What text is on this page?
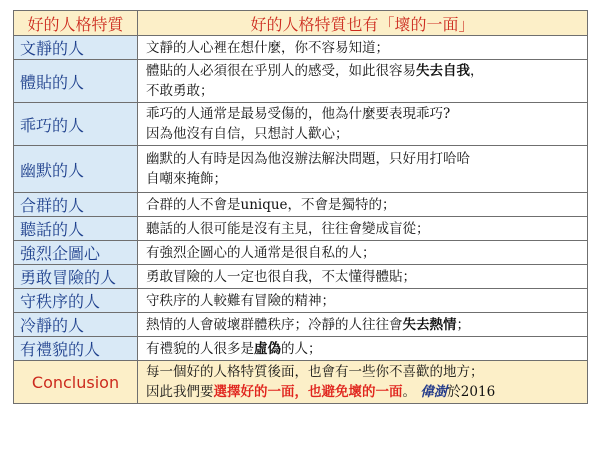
好的人格特質	好的人格特質也有「壞的一面」
文靜的人	文靜的人心裡在想什麼，你不容易知道；

體貼的人	體貼的人必須很在乎別人的感受，如此很容易失去自我，
不敢勇敢；

乖巧的人	乖巧的人通常是最易受傷的，他為什麼要表現乖巧?
因為他沒有自信，只想討人歡心；

幽默的人	幽默的人有時是因為他沒辦法解決問題，只好用打哈哈
自嘲來掩飾；

合群的人	合群的人不會是unique，不會是獨特的；

聽話的人	聽話的人很可能是沒有主見，往往會變成盲從；

強烈企圖心	有強烈企圖心的人通常是很自私的人；

勇敢冒險的人	勇敢冒險的人一定也很自我，不太懂得體貼；

守秩序的人	守秩序的人較難有冒險的精神；

冷靜的人	熱情的人會破壞群體秩序；冷靜的人往往會失去熱情；

有禮貌的人	有禮貌的人很多是虛偽的人；

Conclusion	每一個好的人格特質後面，也會有一些你不喜歡的地方；
因此我們要選擇好的一面，也避免壞的一面。 偉澍於2016
